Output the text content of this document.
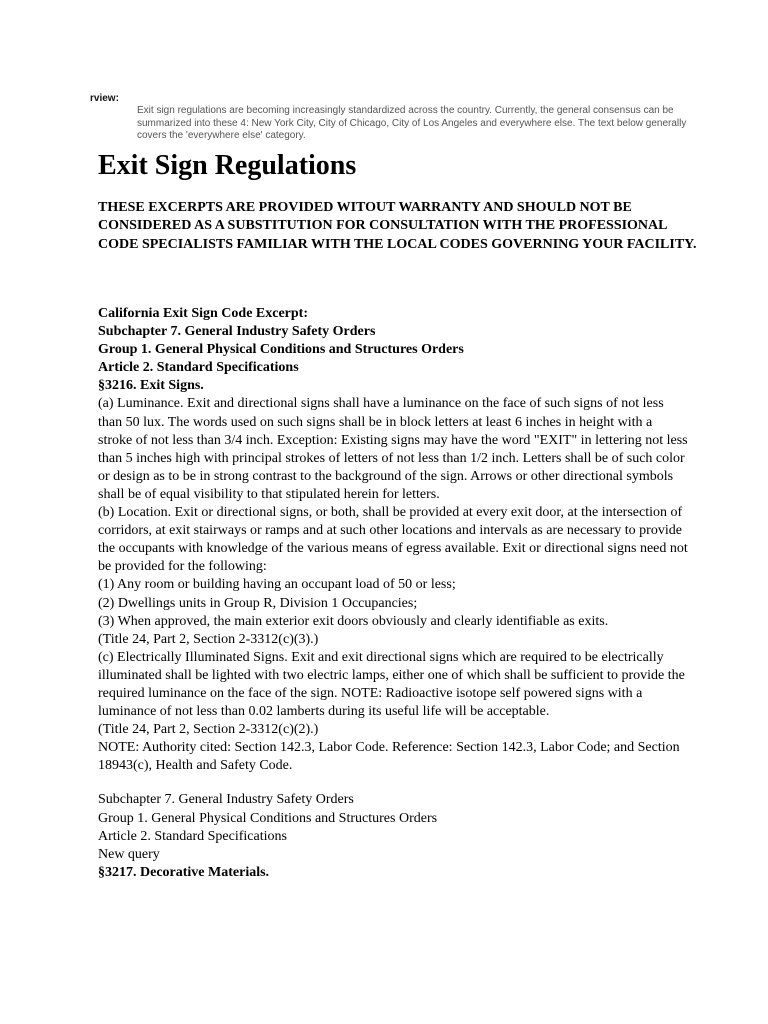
rview:
Exit sign regulations are becoming increasingly standardized across the country. Currently, the general consensus can be summarized into these 4: New York City, City of Chicago, City of Los Angeles and everywhere else. The text below generally covers the 'everywhere else' category.
Exit Sign Regulations

THESE EXCERPTS ARE PROVIDED WITOUT WARRANTY AND SHOULD NOT BE CONSIDERED AS A SUBSTITUTION FOR CONSULTATION WITH THE PROFESSIONAL CODE SPECIALISTS FAMILIAR WITH THE LOCAL CODES GOVERNING YOUR FACILITY.

California Exit Sign Code Excerpt:
Subchapter 7. General Industry Safety Orders
Group 1. General Physical Conditions and Structures Orders
Article 2. Standard Specifications
§3216. Exit Signs.
(a) Luminance. Exit and directional signs shall have a luminance on the face of such signs of not less than 50 lux. The words used on such signs shall be in block letters at least 6 inches in height with a stroke of not less than 3/4 inch. Exception: Existing signs may have the word "EXIT" in lettering not less than 5 inches high with principal strokes of letters of not less than 1/2 inch. Letters shall be of such color or design as to be in strong contrast to the background of the sign. Arrows or other directional symbols shall be of equal visibility to that stipulated herein for letters.
(b) Location. Exit or directional signs, or both, shall be provided at every exit door, at the intersection of corridors, at exit stairways or ramps and at such other locations and intervals as are necessary to provide the occupants with knowledge of the various means of egress available. Exit or directional signs need not be provided for the following:
(1) Any room or building having an occupant load of 50 or less;
(2) Dwellings units in Group R, Division 1 Occupancies;
(3) When approved, the main exterior exit doors obviously and clearly identifiable as exits.
(Title 24, Part 2, Section 2-3312(c)(3).)
(c) Electrically Illuminated Signs. Exit and exit directional signs which are required to be electrically illuminated shall be lighted with two electric lamps, either one of which shall be sufficient to provide the required luminance on the face of the sign. NOTE: Radioactive isotope self powered signs with a luminance of not less than 0.02 lamberts during its useful life will be acceptable.
(Title 24, Part 2, Section 2-3312(c)(2).)
NOTE: Authority cited: Section 142.3, Labor Code. Reference: Section 142.3, Labor Code; and Section 18943(c), Health and Safety Code.
Subchapter 7. General Industry Safety Orders
Group 1. General Physical Conditions and Structures Orders
Article 2. Standard Specifications
New query
§3217. Decorative Materials.
